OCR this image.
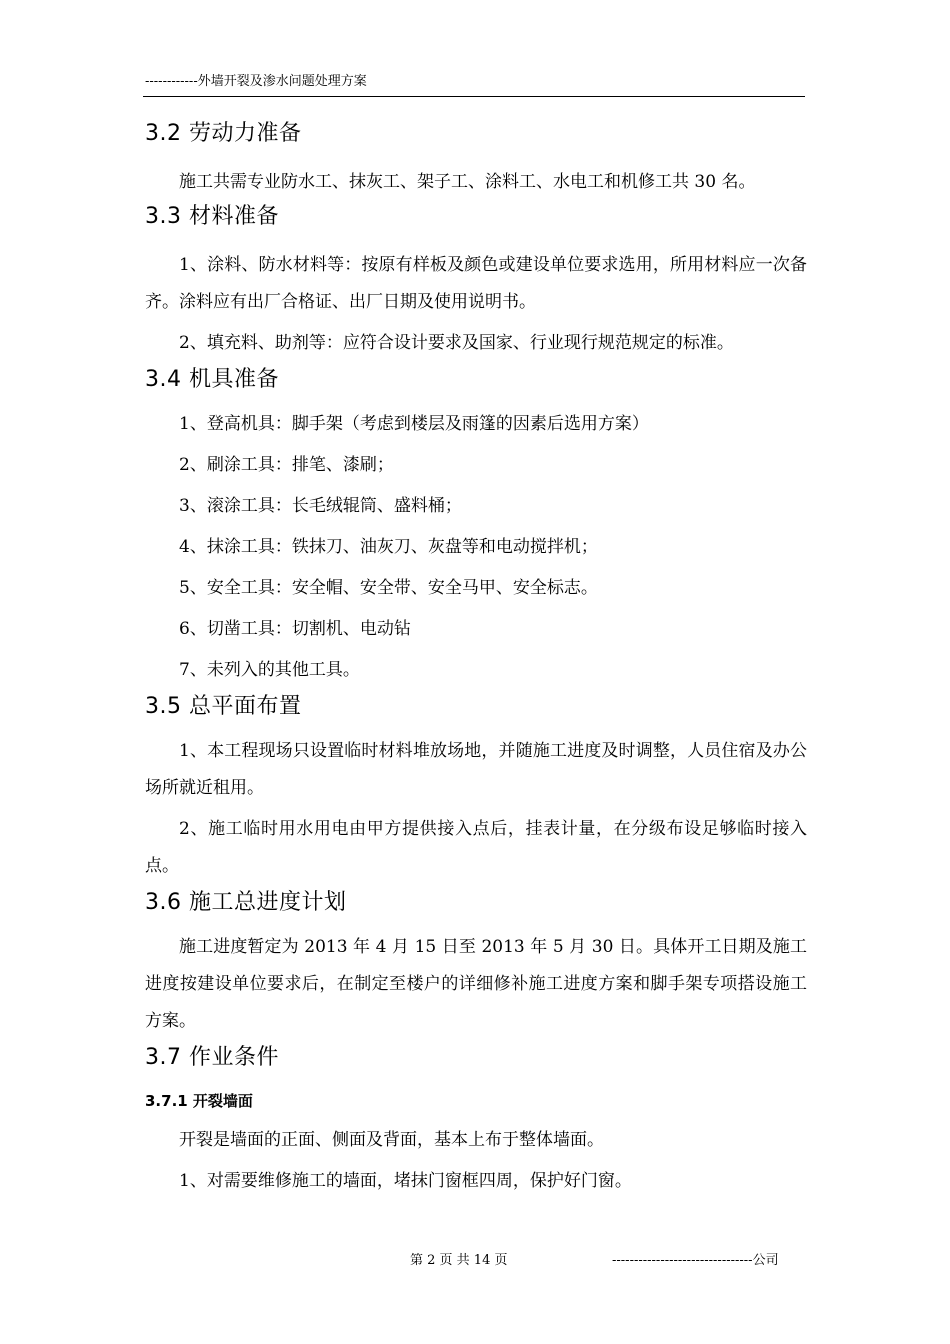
------------外墙开裂及渗水问题处理方案
3.2 劳动力准备

施工共需专业防水工、抹灰工、架子工、涂料工、水电工和机修工共 30 名。

3.3 材料准备

1、涂料、防水材料等：按原有样板及颜色或建设单位要求选用，所用材料应一次备齐。涂料应有出厂合格证、出厂日期及使用说明书。

2、填充料、助剂等：应符合设计要求及国家、行业现行规范规定的标准。

3.4 机具准备

1、登高机具：脚手架（考虑到楼层及雨篷的因素后选用方案）

2、刷涂工具：排笔、漆刷；

3、滚涂工具：长毛绒辊筒、盛料桶；

4、抹涂工具：铁抹刀、油灰刀、灰盘等和电动搅拌机；

5、安全工具：安全帽、安全带、安全马甲、安全标志。

6、切凿工具：切割机、电动钻

7、未列入的其他工具。

3.5 总平面布置

1、本工程现场只设置临时材料堆放场地，并随施工进度及时调整，人员住宿及办公场所就近租用。

2、施工临时用水用电由甲方提供接入点后，挂表计量，在分级布设足够临时接入点。

3.6 施工总进度计划

施工进度暂定为 2013 年 4 月 15 日至 2013 年 5 月 30 日。具体开工日期及施工进度按建设单位要求后，在制定至楼户的详细修补施工进度方案和脚手架专项搭设施工方案。

3.7 作业条件
3.7.1 开裂墙面

开裂是墙面的正面、侧面及背面，基本上布于整体墙面。

1、对需要维修施工的墙面，堵抹门窗框四周，保护好门窗。

第 2 页 共 14 页	--------------------------------公司
